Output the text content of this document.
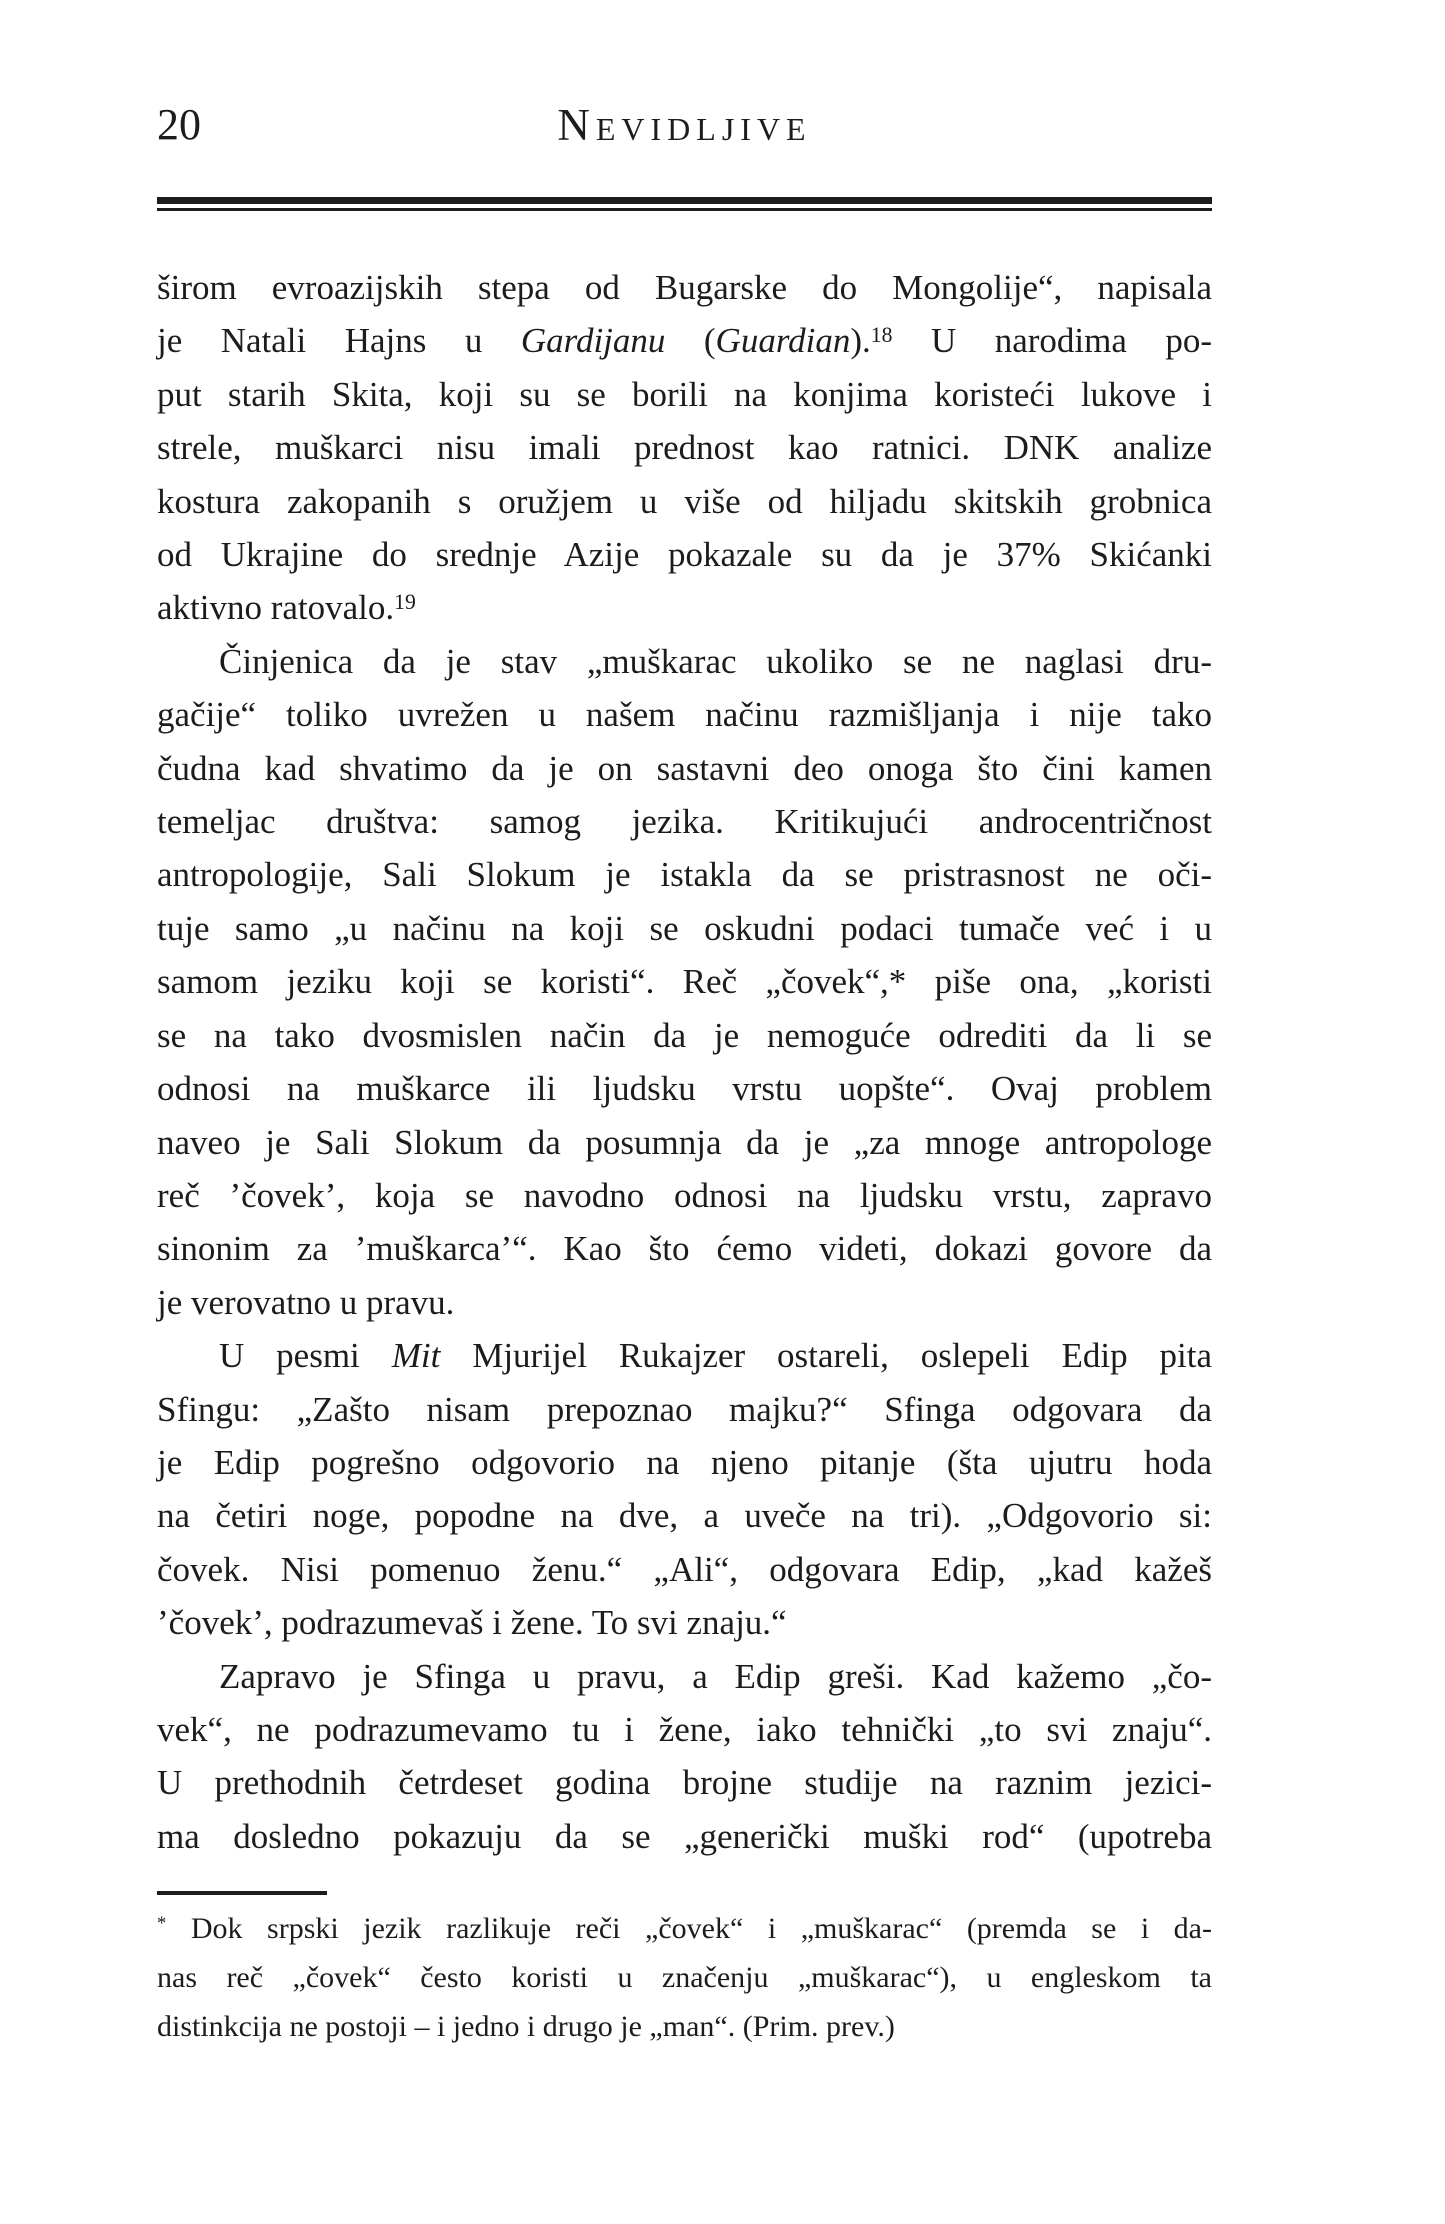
20	Nevidljive
širom evroazijskih stepa od Bugarske do Mongolije“, napisala
je Natali Hajns u Gardijanu (Guardian).$^{18}$ U narodima po-
put starih Skita, koji su se borili na konjima koristeći lukove i
strele, muškarci nisu imali prednost kao ratnici. DNK analize
kostura zakopanih s oružjem u više od hiljadu skitskih grobnica
od Ukrajine do srednje Azije pokazale su da je 37% Skićanki
aktivno ratovalo.$^{19}$
Činjenica da je stav „muškarac ukoliko se ne naglasi dru-
gačije“ toliko uvrežen u našem načinu razmišljanja i nije tako
čudna kad shvatimo da je on sastavni deo onoga što čini kamen
temeljac društva: samog jezika. Kritikujući androcentričnost
antropologije, Sali Slokum je istakla da se pristrasnost ne oči-
tuje samo „u načinu na koji se oskudni podaci tumače već i u
samom jeziku koji se koristi“. Reč „čovek“,* piše ona, „koristi
se na tako dvosmislen način da je nemoguće odrediti da li se
odnosi na muškarce ili ljudsku vrstu uopšte“. Ovaj problem
naveo je Sali Slokum da posumnja da je „za mnoge antropologe
reč ’čovek’, koja se navodno odnosi na ljudsku vrstu, zapravo
sinonim za ’muškarca’“. Kao što ćemo videti, dokazi govore da
je verovatno u pravu.
U pesmi Mit Mjurijel Rukajzer ostareli, oslepeli Edip pita
Sfingu: „Zašto nisam prepoznao majku?“ Sfinga odgovara da
je Edip pogrešno odgovorio na njeno pitanje (šta ujutru hoda
na četiri noge, popodne na dve, a uveče na tri). „Odgovorio si:
čovek. Nisi pomenuo ženu.“ „Ali“, odgovara Edip, „kad kažeš
’čovek’, podrazumevaš i žene. To svi znaju.“
Zapravo je Sfinga u pravu, a Edip greši. Kad kažemo „čo-
vek“, ne podrazumevamo tu i žene, iako tehnički „to svi znaju“.
U prethodnih četrdeset godina brojne studije na raznim jezici-
ma dosledno pokazuju da se „generički muški rod“ (upotreba
* Dok srpski jezik razlikuje reči „čovek“ i „muškarac“ (premda se i da-
nas reč „čovek“ često koristi u značenju „muškarac“), u engleskom ta
distinkcija ne postoji – i jedno i drugo je „man“. (Prim. prev.)
